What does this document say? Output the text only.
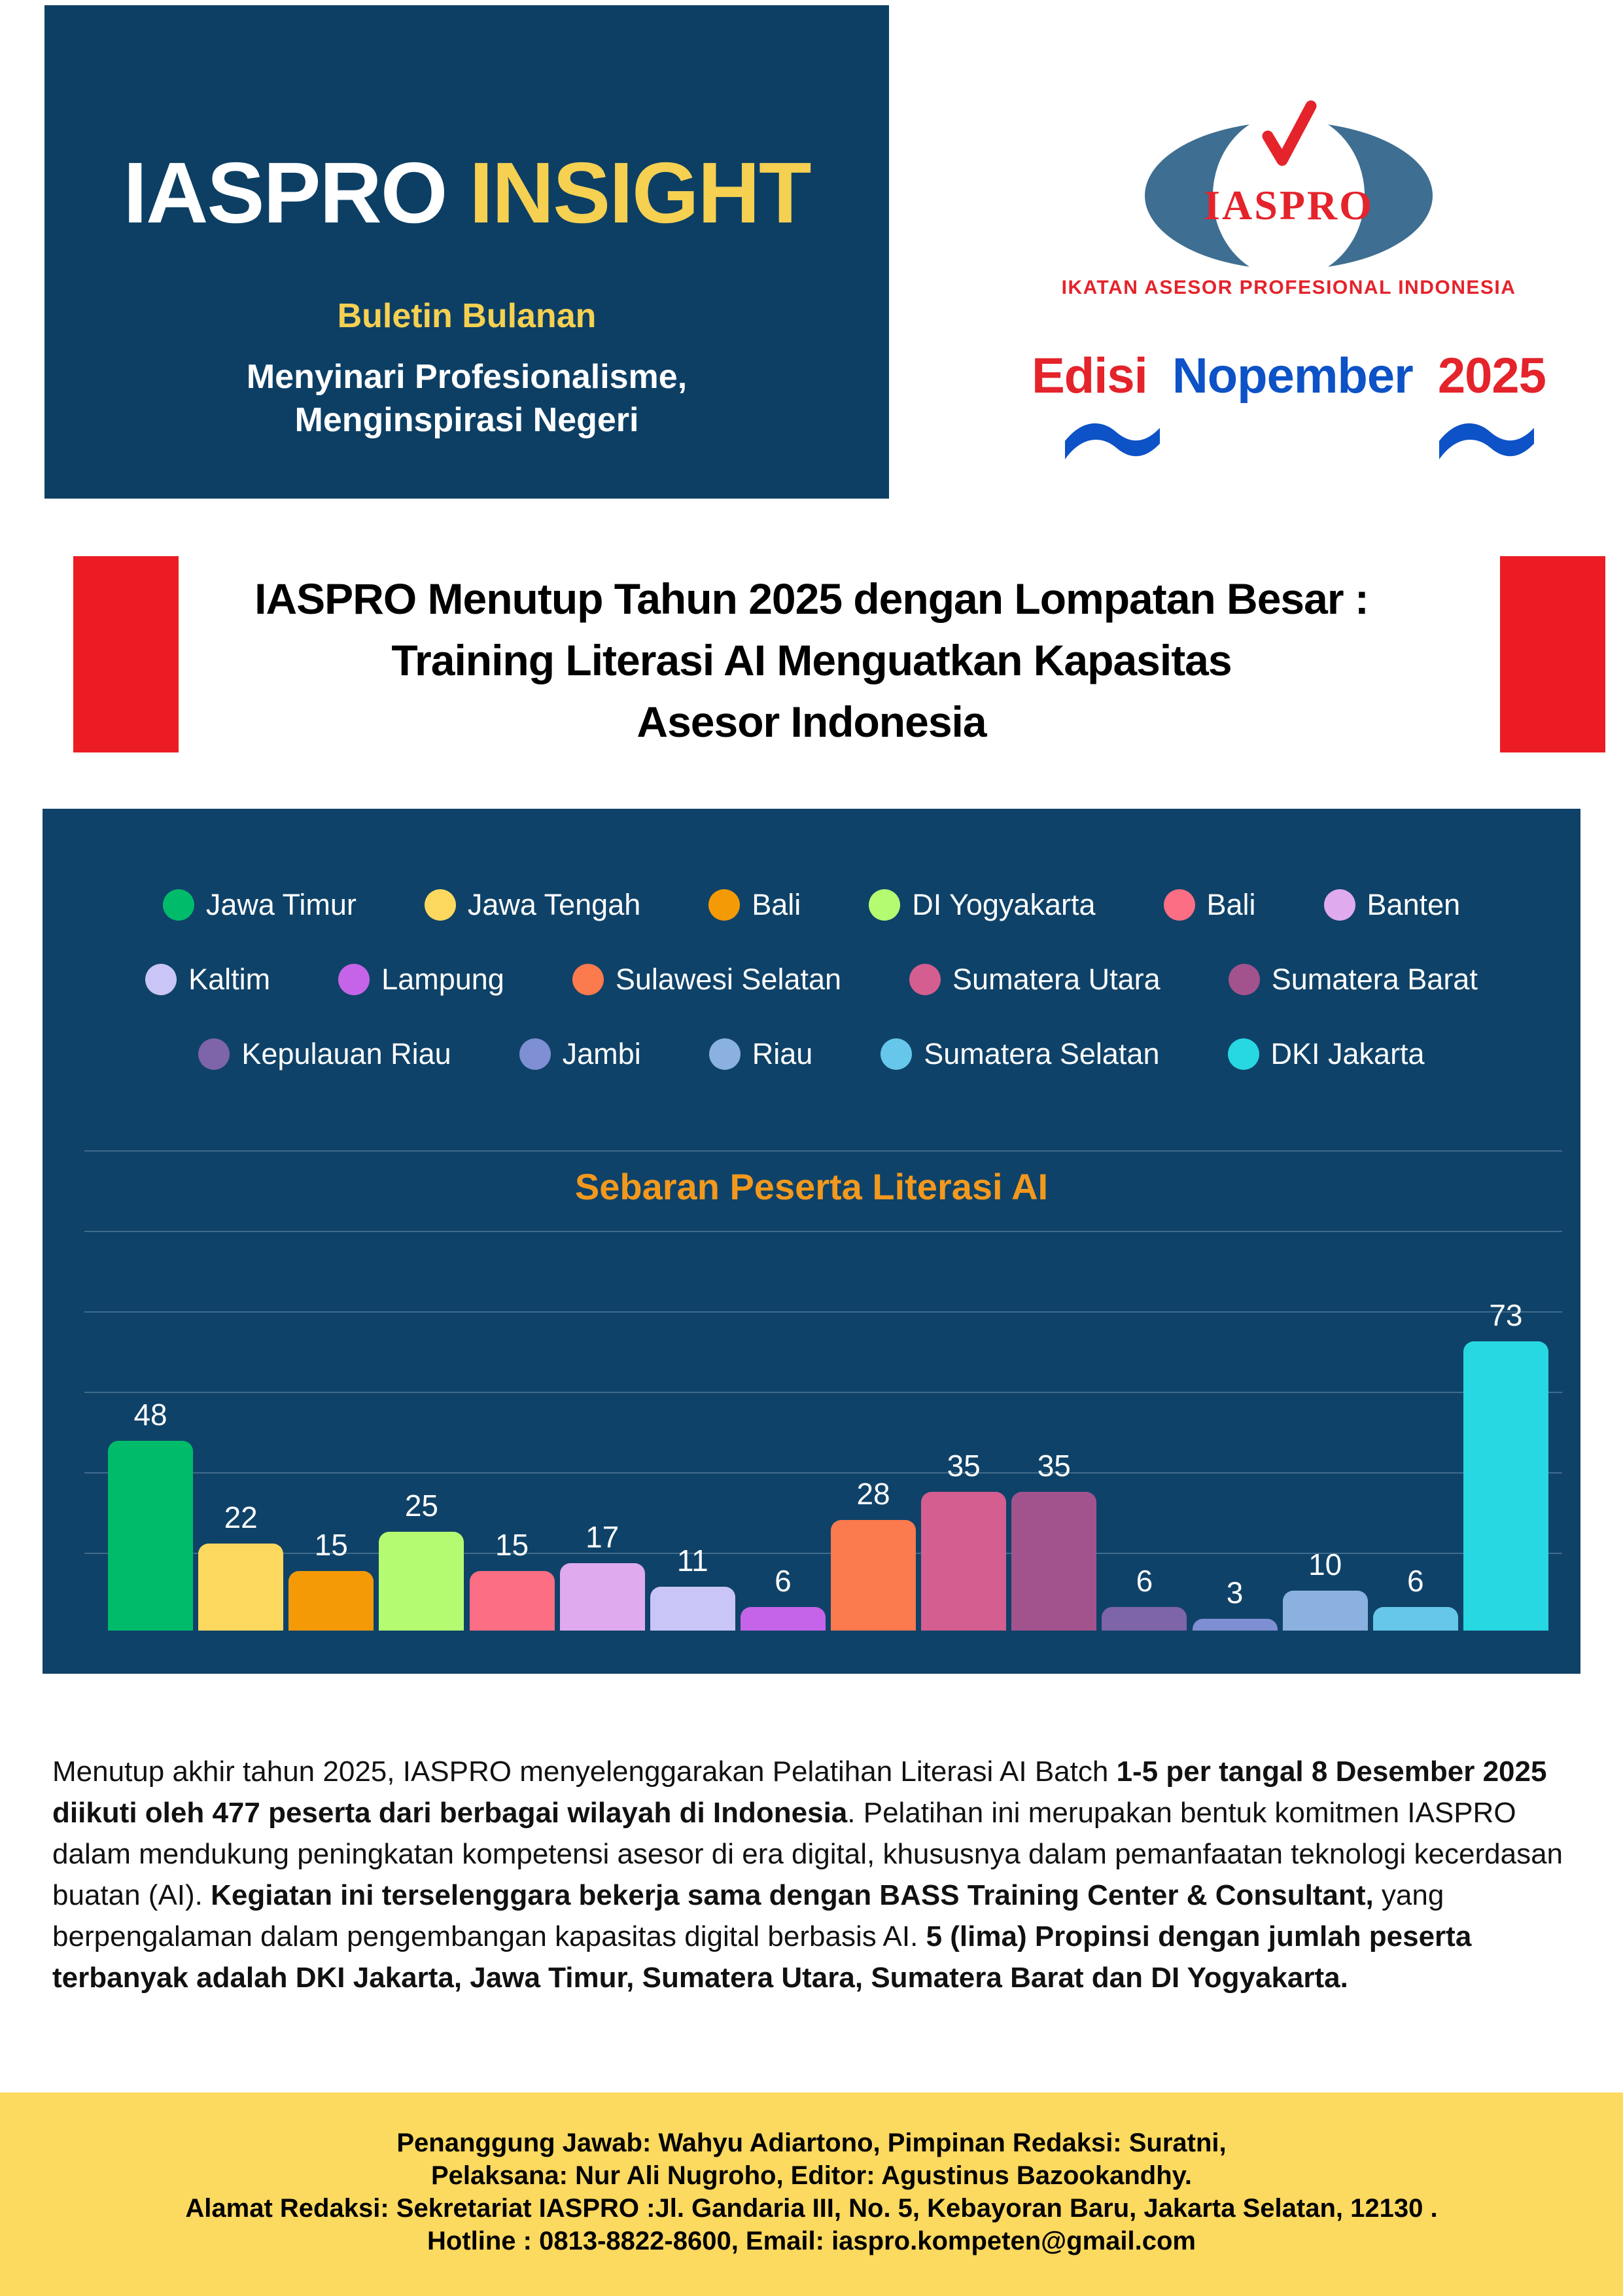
IASPRO INSIGHT
Buletin Bulanan
Menyinari Profesionalisme,
Menginspirasi Negeri
IASPRO
IKATAN ASESOR PROFESIONAL INDONESIA
Edisi Nopember 2025
IASPRO Menutup Tahun 2025 dengan Lompatan Besar :
Training Literasi AI Menguatkan Kapasitas
Asesor Indonesia
Jawa Timur	Jawa Tengah	Bali	DI Yogyakarta	Bali	Banten
Kaltim	Lampung	Sulawesi Selatan	Sumatera Utara	Sumatera Barat
Kepulauan Riau	Jambi	Riau	Sumatera Selatan	DKI Jakarta
Sebaran Peserta Literasi AI
48
22
15
25
15 17
11
6
28
35 35
6 3
10 6
73

Menutup akhir tahun 2025, IASPRO menyelenggarakan Pelatihan Literasi AI Batch 1-5 per tangal 8 Desember 2025 diikuti oleh 477 peserta dari berbagai wilayah di Indonesia. Pelatihan ini merupakan bentuk komitmen IASPRO dalam mendukung peningkatan kompetensi asesor di era digital, khususnya dalam pemanfaatan teknologi kecerdasan buatan (AI). Kegiatan ini terselenggara bekerja sama dengan BASS Training Center & Consultant, yang berpengalaman dalam pengembangan kapasitas digital berbasis AI. 5 (lima) Propinsi dengan jumlah peserta terbanyak adalah DKI Jakarta, Jawa Timur, Sumatera Utara, Sumatera Barat dan DI Yogyakarta.

Penanggung Jawab: Wahyu Adiartono, Pimpinan Redaksi: Suratni,
Pelaksana: Nur Ali Nugroho, Editor: Agustinus Bazookandhy.
Alamat Redaksi: Sekretariat IASPRO :Jl. Gandaria III, No. 5, Kebayoran Baru, Jakarta Selatan, 12130 .
Hotline : 0813-8822-8600, Email: iaspro.kompeten@gmail.com
